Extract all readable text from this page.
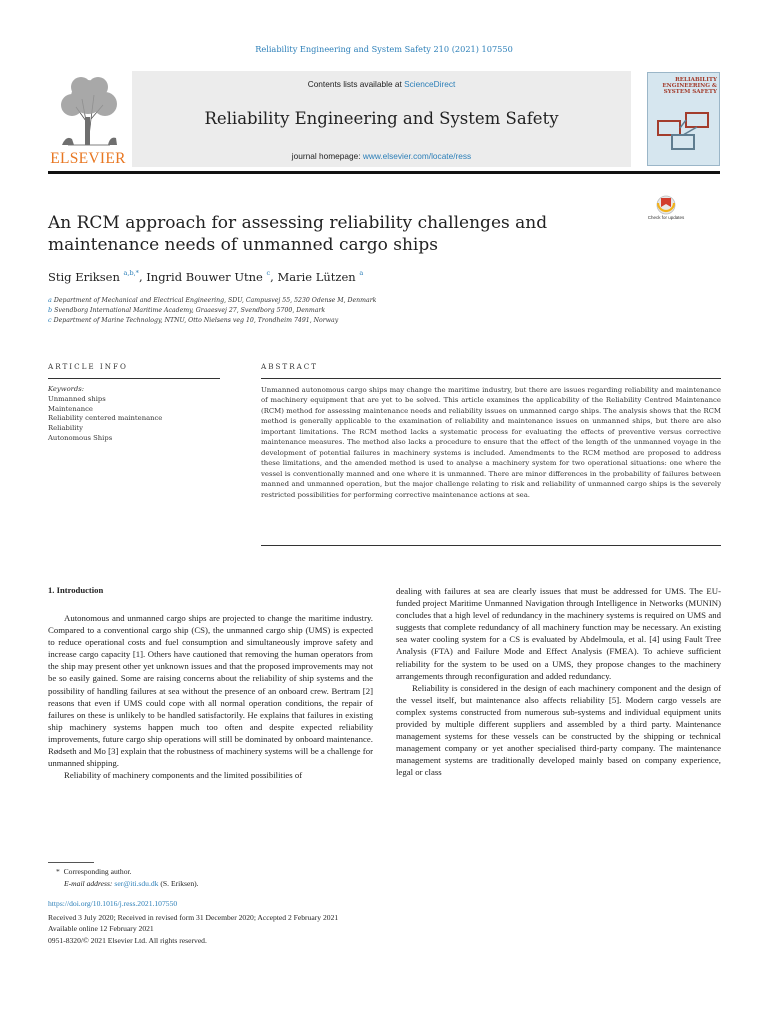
Reliability Engineering and System Safety 210 (2021) 107550
ELSEVIER
Contents lists available at ScienceDirect
Reliability Engineering and System Safety
journal homepage: www.elsevier.com/locate/ress
RELIABILITY ENGINEERING & SYSTEM SAFETY
An RCM approach for assessing reliability challenges and maintenance needs of unmanned cargo ships
Check for updates
Stig Eriksen $^{a,b,*}$, Ingrid Bouwer Utne $^c$, Marie Lützen $^a$
$^a$ Department of Mechanical and Electrical Engineering, SDU, Campusvej 55, 5230 Odense M, Denmark
$^b$ Svendborg International Maritime Academy, Graaesvej 27, Svendborg 5700, Denmark
$^c$ Department of Marine Technology, NTNU, Otto Nielsens veg 10, Trondheim 7491, Norway
ARTICLE INFO	ABSTRACT
Keywords:
Unmanned ships
Maintenance
Reliability centered maintenance
Reliability
Autonomous Ships
Unmanned autonomous cargo ships may change the maritime industry, but there are issues regarding reliability and maintenance of machinery equipment that are yet to be solved. This article examines the applicability of the Reliability Centred Maintenance (RCM) method for assessing maintenance needs and reliability issues on unmanned cargo ships. The analysis shows that the RCM method is generally applicable to the examination of reliability and maintenance issues on unmanned ships, but there are also important limitations. The RCM method lacks a systematic process for evaluating the effects of preventive versus corrective maintenance measures. The method also lacks a procedure to ensure that the effect of the length of the unmanned voyage in the development of potential failures in machinery systems is included. Amendments to the RCM method are proposed to address these limitations, and the amended method is used to analyse a machinery system for two operational situations: one where the vessel is conventionally manned and one where it is unmanned. There are minor differences in the probability of failures between manned and unmanned operation, but the major challenge relating to risk and reliability of unmanned cargo ships is the severely restricted possibilities for performing corrective maintenance actions at sea.
1. Introduction

Autonomous and unmanned cargo ships are projected to change the maritime industry. Compared to a conventional cargo ship (CS), the unmanned cargo ship (UMS) is expected to reduce operational costs and fuel consumption and simultaneously improve safety and increase cargo capacity [1]. Others have cautioned that removing the human operators from the ship may present other yet unknown issues and that the proposed improvements may not be so easily gained. Some are raising concerns about the reliability of ship systems and the possibility of handling failures at sea without the presence of an onboard crew. Bertram [2] reasons that even if UMS could cope with all normal operation conditions, the repair of failures on these is unlikely to be handled satisfactorily. He explains that failures in existing ship machinery systems happen much too often and despite expected reliability improvements, future cargo ship operations will still be dominated by onboard maintenance. Rødseth and Mo [3] explain that the robustness of machinery systems will be a challenge for unmanned shipping.

Reliability of machinery components and the limited possibilities of

dealing with failures at sea are clearly issues that must be addressed for UMS. The EU-funded project Maritime Unmanned Navigation through Intelligence in Networks (MUNIN) concludes that a high level of redundancy in the machinery systems is required on UMS and suggests that complete redundancy of all machinery function may be necessary. An existing sea water cooling system for a CS is evaluated by Abdelmoula, et al. [4] using Fault Tree Analysis (FTA) and Failure Mode and Effect Analysis (FMEA). To achieve sufficient reliability for the system to be used on a UMS, they propose changes to the machinery arrangements through reconfiguration and added redundancy.

Reliability is considered in the design of each machinery component and the design of the vessel itself, but maintenance also affects reliability [5]. Modern cargo vessels are complex systems constructed from numerous sub-systems and individual equipment units provided by multiple different suppliers and assembled by a third party. Maintenance management systems for these vessels can be constructed by the shipping or technical management company or yet another specialised third-party company. The maintenance management systems are traditionally developed mainly based on company experience, legal or class

*  Corresponding author.
E-mail address: ser@iti.sdu.dk (S. Eriksen).
https://doi.org/10.1016/j.ress.2021.107550
Received 3 July 2020; Received in revised form 31 December 2020; Accepted 2 February 2021
Available online 12 February 2021
0951-8320/© 2021 Elsevier Ltd. All rights reserved.
